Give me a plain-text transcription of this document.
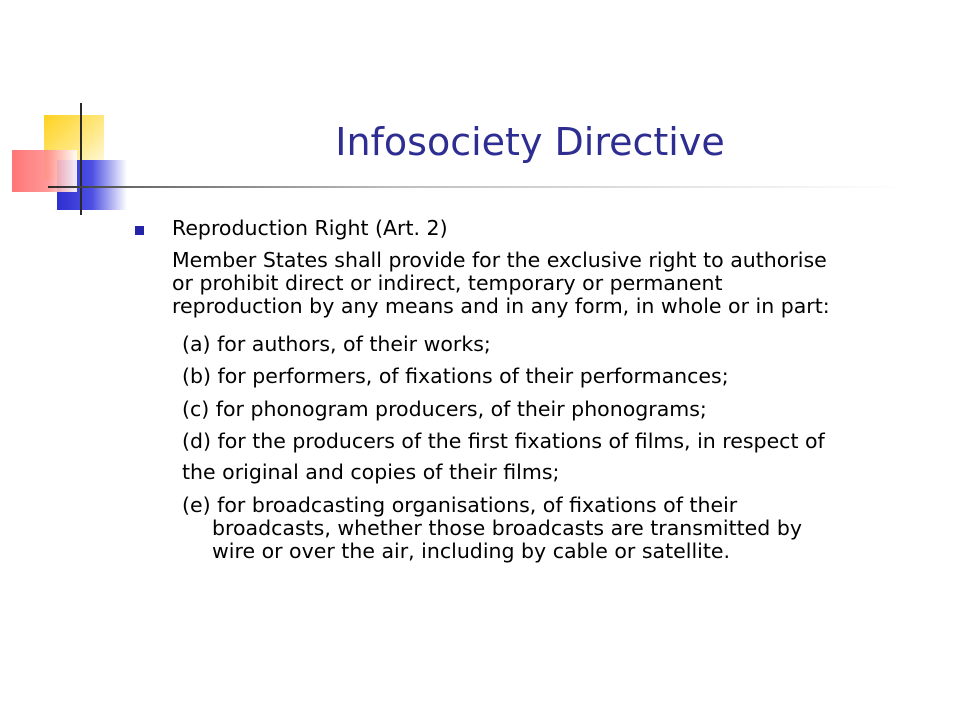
Infosociety Directive
Reproduction Right (Art. 2)
Member States shall provide for the exclusive right to authorise
or prohibit direct or indirect, temporary or permanent
reproduction by any means and in any form, in whole or in part:
(a) for authors, of their works;
(b) for performers, of fixations of their performances;
(c) for phonogram producers, of their phonograms;
(d) for the producers of the first fixations of films, in respect of
the original and copies of their films;
(e) for broadcasting organisations, of fixations of their
broadcasts, whether those broadcasts are transmitted by
wire or over the air, including by cable or satellite.
